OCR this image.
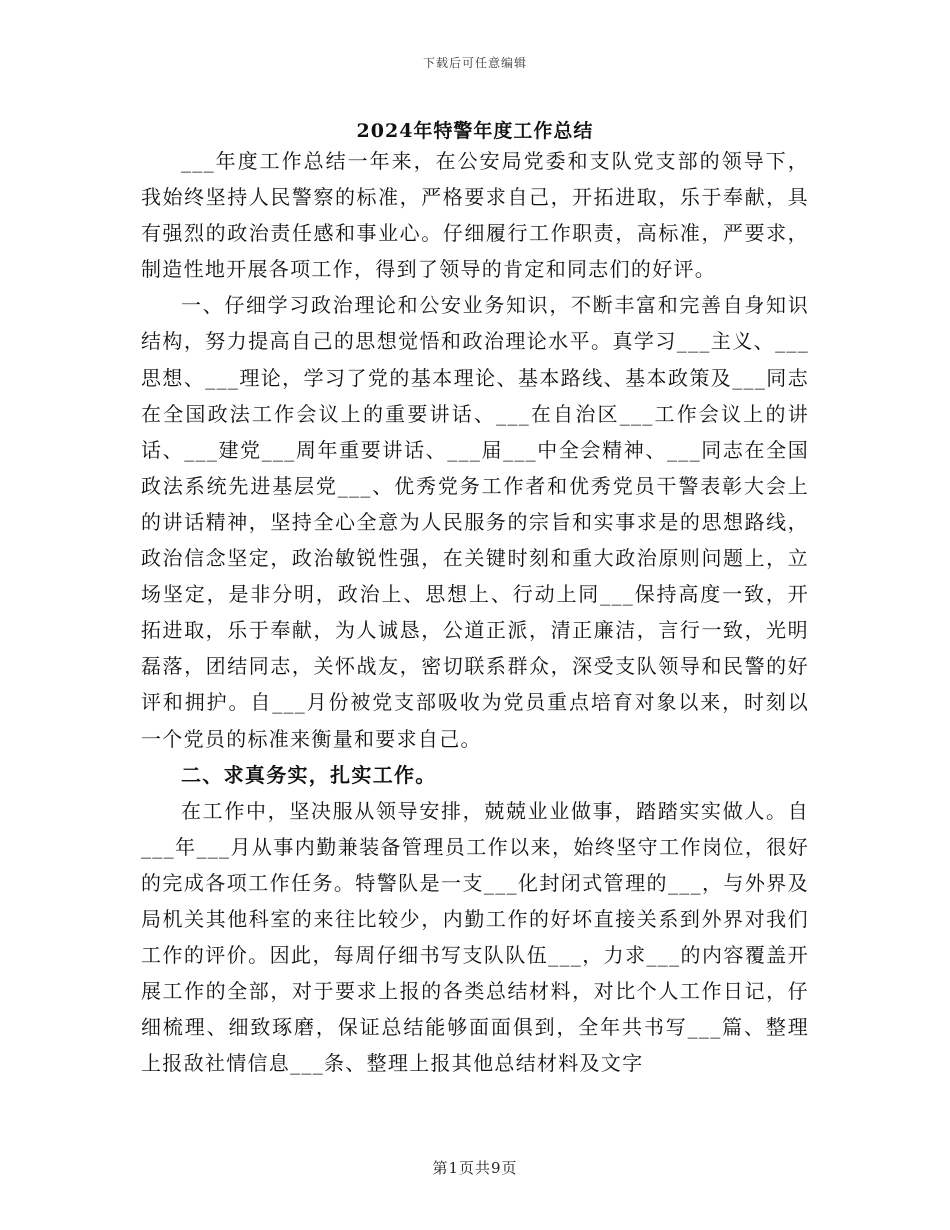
下载后可任意编辑
2024年特警年度工作总结

___年度工作总结一年来，在公安局党委和支队党支部的领导下，我始终坚持人民警察的标准，严格要求自己，开拓进取，乐于奉献，具有强烈的政治责任感和事业心。仔细履行工作职责，高标准，严要求，制造性地开展各项工作，得到了领导的肯定和同志们的好评。

一、仔细学习政治理论和公安业务知识，不断丰富和完善自身知识结构，努力提高自己的思想觉悟和政治理论水平。真学习___主义、___思想、___理论，学习了党的基本理论、基本路线、基本政策及___同志在全国政法工作会议上的重要讲话、___在自治区___工作会议上的讲话、___建党___周年重要讲话、___届___中全会精神、___同志在全国政法系统先进基层党___、优秀党务工作者和优秀党员干警表彰大会上的讲话精神，坚持全心全意为人民服务的宗旨和实事求是的思想路线，政治信念坚定，政治敏锐性强，在关键时刻和重大政治原则问题上，立场坚定，是非分明，政治上、思想上、行动上同___保持高度一致，开拓进取，乐于奉献，为人诚恳，公道正派，清正廉洁，言行一致，光明磊落，团结同志，关怀战友，密切联系群众，深受支队领导和民警的好评和拥护。自___月份被党支部吸收为党员重点培育对象以来，时刻以一个党员的标准来衡量和要求自己。

二、求真务实，扎实工作。

在工作中，坚决服从领导安排，兢兢业业做事，踏踏实实做人。自___年___月从事内勤兼装备管理员工作以来，始终坚守工作岗位，很好的完成各项工作任务。特警队是一支___化封闭式管理的___，与外界及局机关其他科室的来往比较少，内勤工作的好坏直接关系到外界对我们工作的评价。因此，每周仔细书写支队队伍___，力求___的内容覆盖开展工作的全部，对于要求上报的各类总结材料，对比个人工作日记，仔细梳理、细致琢磨，保证总结能够面面俱到，全年共书写___篇、整理上报敌社情信息___条、整理上报其他总结材料及文字

第1页共9页
